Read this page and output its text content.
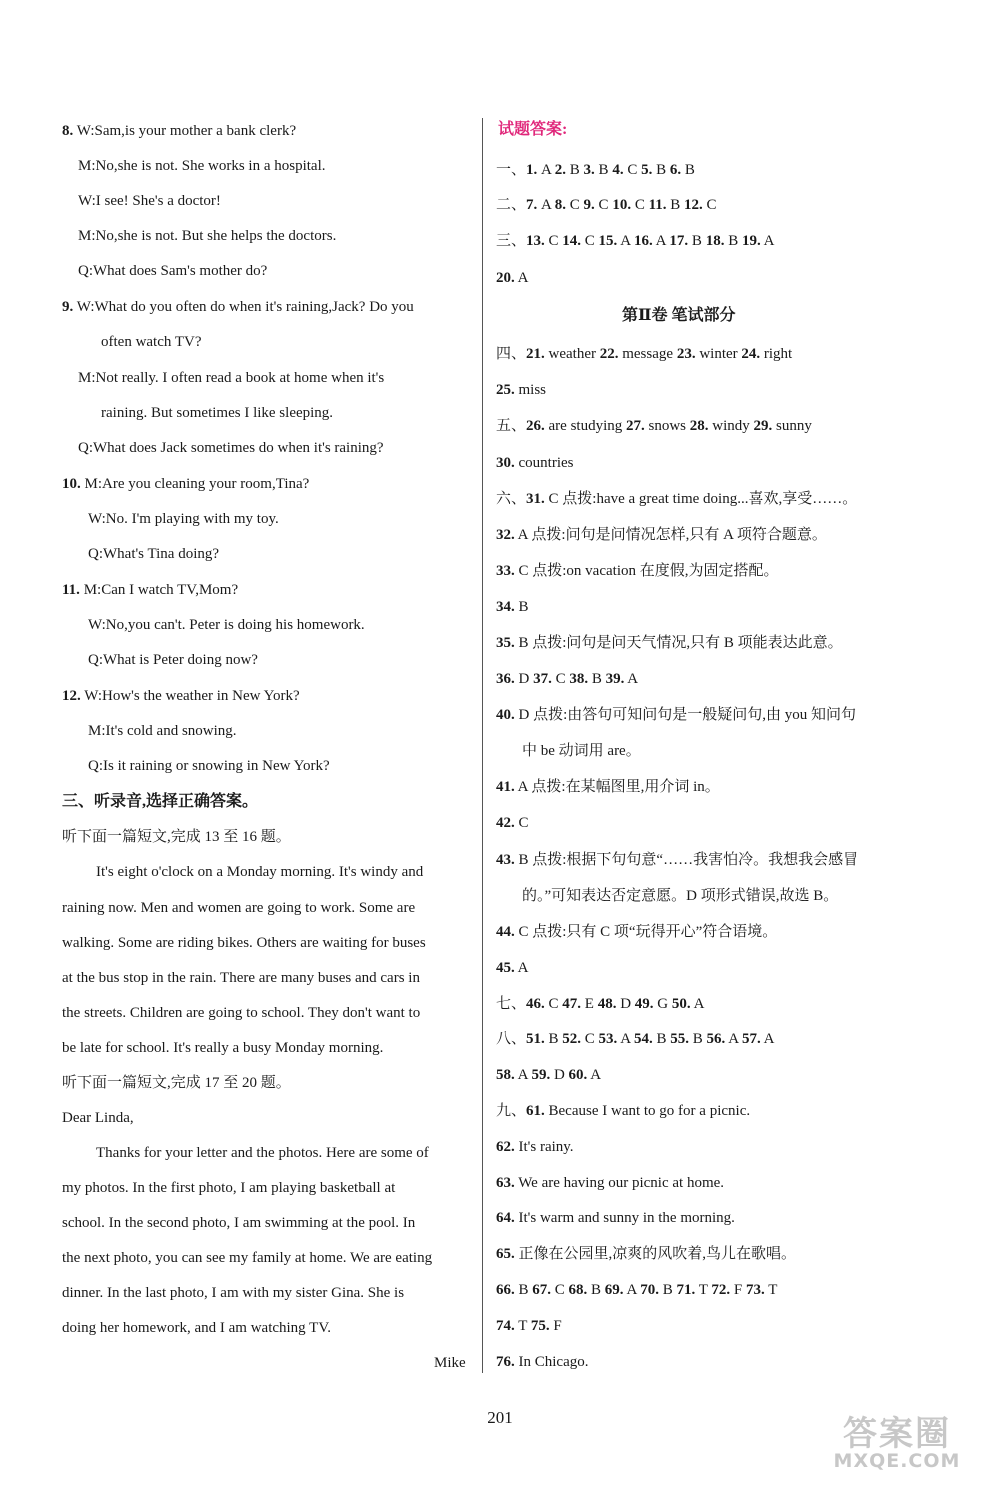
8. W:Sam,is your mother a bank clerk?
M:No,she is not. She works in a hospital.
W:I see! She's a doctor!
M:No,she is not. But she helps the doctors.
Q:What does Sam's mother do?
9. W:What do you often do when it's raining,Jack? Do you
often watch TV?
M:Not really. I often read a book at home when it's
raining. But sometimes I like sleeping.
Q:What does Jack sometimes do when it's raining?
10. M:Are you cleaning your room,Tina?
W:No. I'm playing with my toy.
Q:What's Tina doing?
11. M:Can I watch TV,Mom?
W:No,you can't. Peter is doing his homework.
Q:What is Peter doing now?
12. W:How's the weather in New York?
M:It's cold and snowing.
Q:Is it raining or snowing in New York?
三、听录音,选择正确答案。
听下面一篇短文,完成 13 至 16 题。
It's eight o'clock on a Monday morning. It's windy and
raining now. Men and women are going to work. Some are
walking. Some are riding bikes. Others are waiting for buses
at the bus stop in the rain. There are many buses and cars in
the streets. Children are going to school. They don't want to
be late for school. It's really a busy Monday morning.
听下面一篇短文,完成 17 至 20 题。
Dear Linda,
Thanks for your letter and the photos. Here are some of
my photos. In the first photo, I am playing basketball at
school. In the second photo, I am swimming at the pool. In
the next photo, you can see my family at home. We are eating
dinner. In the last photo, I am with my sister Gina. She is
doing her homework, and I am watching TV.
Mike
试题答案:
一、1. A 2. B 3. B 4. C 5. B 6. B
二、7. A 8. C 9. C 10. C 11. B 12. C
三、13. C 14. C 15. A 16. A 17. B 18. B 19. A
20. A
第Ⅱ卷 笔试部分
四、21. weather 22. message 23. winter 24. right
25. miss
五、26. are studying 27. snows 28. windy 29. sunny
30. countries
六、31. C 点拨:have a great time doing...喜欢,享受……。
32. A 点拨:问句是问情况怎样,只有 A 项符合题意。
33. C 点拨:on vacation 在度假,为固定搭配。
34. B
35. B 点拨:问句是问天气情况,只有 B 项能表达此意。
36. D 37. C 38. B 39. A
40. D 点拨:由答句可知问句是一般疑问句,由 you 知问句
中 be 动词用 are。
41. A 点拨:在某幅图里,用介词 in。
42. C
43. B 点拨:根据下句句意“……我害怕冷。我想我会感冒
的。”可知表达否定意愿。D 项形式错误,故选 B。
44. C 点拨:只有 C 项“玩得开心”符合语境。
45. A
七、46. C 47. E 48. D 49. G 50. A
八、51. B 52. C 53. A 54. B 55. B 56. A 57. A
58. A 59. D 60. A
九、61. Because I want to go for a picnic.
62. It's rainy.
63. We are having our picnic at home.
64. It's warm and sunny in the morning.
65. 正像在公园里,凉爽的风吹着,鸟儿在歌唱。
66. B 67. C 68. B 69. A 70. B 71. T 72. F 73. T
74. T 75. F
76. In Chicago.
201	答案圈
MXQE.COM
